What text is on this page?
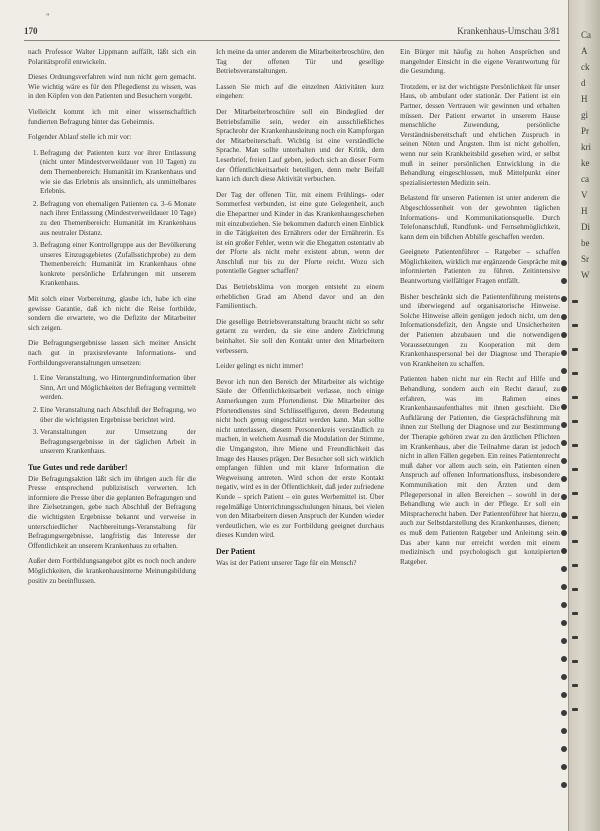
"
170	Krankenhaus-Umschau 3/81

nach Professor Walter Lippmann auffällt, läßt sich ein Polaritätsprofil entwickeln.

Dieses Ordnungsverfahren wird nun nicht gern gemacht. Wie wichtig wäre es für den Pflegedienst zu wissen, was in den Köpfen von den Patienten und Besuchern vorgeht.

Vielleicht kommt ich mit einer wissenschaftlich fundierten Befragung hinter das Geheimnis.

Folgender Ablauf stelle ich mir vor:

1. Befragung der Patienten kurz vor ihrer Entlassung (nicht unter Mindestverweildauer von 10 Tagen) zu dem Themenbereich: Humanität im Krankenhaus und wie sie das Erlebnis als unsinnlich, als unmittelbares Erlebnis.
2. Befragung von ehemaligen Patienten ca. 3–6 Monate nach ihrer Entlassung (Mindestverweildauer 10 Tage) zu den Themenbereich: Humanität im Krankenhaus aus neutraler Distanz.
3. Befragung einer Kontrollgruppe aus der Bevölkerung unseres Einzugsgebietes (Zufallsstichprobe) zu dem Themenbereich: Humanität im Krankenhaus ohne konkrete persönliche Erfahrungen mit unserem Krankenhaus.

Mit solch einer Vorbereitung, glaube ich, habe ich eine gewisse Garantie, daß ich nicht die Reise fortbilde, sondern die erwartete, wo die Defizite der Mitarbeiter sich zeigen.

Die Befragungsergebnisse lassen sich meiner Ansicht nach gut in praxisrelevante Informations- und Fortbildungsveranstaltungen umsetzen:

1. Eine Veranstaltung, wo Hintergrundinformation über Sinn, Art und Möglichkeiten der Befragung vermittelt werden.
2. Eine Veranstaltung nach Abschluß der Befragung, wo über die wichtigsten Ergebnisse berichtet wird.
3. Veranstaltungen zur Umsetzung der Befragungsergebnisse in der täglichen Arbeit in unserem Krankenhaus.
Tue Gutes und rede darüber!

Die Befragungsaktion läßt sich im übrigen auch für die Presse entsprechend publizistisch verwerten. Ich informiere die Presse über die geplanten Befragungen und ihre Zielsetzungen, gebe nach Abschluß der Befragung die wichtigsten Ergebnisse bekannt und verweise in unterschiedlicher Nachbereitungs-Veranstaltung für Befragungsergebnisse, langfristig das Interesse der Öffentlichkeit an unserem Krankenhaus zu erhalten.

Außer dem Fortbildungsangebot gibt es noch noch andere Möglichkeiten, die krankenhausinterne Meinungsbildung positiv zu beeinflussen.

Ich meine da unter anderem die Mitarbeiterbroschüre, den Tag der offenen Tür und gesellige Betriebsveranstaltungen.

Lassen Sie mich auf die einzelnen Aktivitäten kurz eingehen:

Der Mitarbeiterbroschüre soll ein Bindeglied der Betriebsfamilie sein, weder ein ausschließliches Sprachrohr der Krankenhausleitung noch ein Kampforgan der Mitarbeiterschaft. Wichtig ist eine verständliche Sprache. Man sollte unterhalten und der Kritik, dem Leserbrief, freien Lauf geben, jedoch sich an dieser Form der Öffentlichkeitsarbeit beteiligen, denn mehr Beifall kann ich durch diese Aktivität verbuchen.

Der Tag der offenen Tür, mit einem Frühlings- oder Sommerfest verbunden, ist eine gute Gelegenheit, auch die Ehepartner und Kinder in das Krankenhausgeschehen mit einzubeziehen. Sie bekommen dadurch einen Einblick in die Tätigkeiten des Ernährers oder der Ernährerin. Es ist ein großer Fehler, wenn wir die Ehegatten ostentativ ab der Pforte als nicht mehr existent abtun, wenn der Anschluß nur bis zu der Pforte reicht. Wozu sich potentielle Gegner schaffen?

Das Betriebsklima von morgen entsteht zu einem erheblichen Grad am Abend davor und an den Familientisch.

Die gesellige Betriebsveranstaltung braucht nicht so sehr getarnt zu werden, da sie eine andere Zielrichtung beinhaltet. Sie soll den Kontakt unter den Mitarbeitern verbessern.

Leider gelingt es nicht immer!

Bevor ich nun den Bereich der Mitarbeiter als wichtige Säule der Öffentlichkeitsarbeit verlasse, noch einige Anmerkungen zum Pfortendienst. Die Mitarbeiter des Pfortendienstes sind Schlüsselfiguren, deren Bedeutung nicht hoch genug eingeschätzt werden kann. Man sollte nicht unterlassen, diesem Personenkreis verständlich zu machen, in welchem Ausmaß die Modulation der Stimme, die Umgangston, ihre Miene und Freundlichkeit das Image des Hauses prägen. Der Besucher soll sich wirklich empfangen fühlen und mit klarer Information die Wegweisung antreten. Wird schon der erste Kontakt negativ, wird es in der Öffentlichkeit, daß jeder zufriedene Kunde – sprich Patient – ein gutes Werbemittel ist. Über regelmäßige Unterrichtungsschulungen hinaus, bei vielen von den Mitarbeitern diesen Anspruch der Kunden wieder verdeutlichen, wie es zur Fortbildung geeignet durchaus dieses Kunden wird.

Der Patient

Was ist der Patient unserer Tage für ein Mensch?

Ein Bürger mit häufig zu hohen Ansprüchen und mangelnder Einsicht in die eigene Verantwortung für die Gesundung.

Trotzdem, er ist der wichtigste Persönlichkeit für unser Haus, ob ambulant oder stationär. Der Patient ist ein Partner, dessen Vertrauen wir gewinnen und erhalten müssen. Der Patient erwartet in unserem Hause menschliche Zuwendung, persönliche Verständnisbereitschaft und ehrlichen Zuspruch in seinen Nöten und Ängsten. Ihm ist nicht geholfen, wenn nur sein Krankheitsbild gesehen wird, er selbst muß in seiner persönlichen Entwicklung in die Behandlung eingeschlossen, muß Mittelpunkt einer spezialisiertesten Medizin sein.

Belastend für unseren Patienten ist unter anderem die Abgeschlossenheit von der gewohnten täglichen Informations- und Kommunikationsquelle. Durch Telefonanschluß, Rundfunk- und Fernsehmöglichkeit, kann dem ein bißchen Abhilfe geschaffen werden.

Geeignete Patientenführer – Ratgeber – schaffen Möglichkeiten, wirklich nur ergänzende Gespräche mit informierten Patienten zu führen. Zeitintensive Beantwortung vielfältiger Fragen entfällt.

Bisher beschränkt sich die Patientenführung meistens und überwiegend auf organisatorische Hinweise. Solche Hinweise allein genügen jedoch nicht, um den Informationsdefizit, den Ängste und Unsicherheiten der Patienten abzubauen und die notwendigen Voraussetzungen zu Kooperation mit dem Krankenhauspersonal bei der Diagnose und Therapie von Krankheiten zu schaffen.

Patienten haben nicht nur ein Recht auf Hilfe und Behandlung, sondern auch ein Recht darauf, zu erfahren, was im Rahmen eines Krankenhausaufenthaltes mit ihnen geschieht. Die Aufklärung der Patienten, die Gesprächsführung mit ihnen zur Stellung der Diagnose und zur Bestimmung der Therapie gehören zwar zu den ärztlichen Pflichten im Krankenhaus, aber die Teilnahme daran ist jedoch nicht in allen Fällen gegeben. Ein reines Patientenrecht muß daher vor allem auch sein, ein Patienten einen Anspruch auf offenen Informationsfluss, insbesondere Kommunikation mit den Ärzten und dem Pflegepersonal in allen Bereichen – sowohl in der Behandlung wie auch in der Pflege. Er soll ein Mitspracherecht haben. Der Patientenführer hat hierzu, auch zur Selbstdarstellung des Krankenhauses, dienen; es muß dem Patienten Ratgeber und Anleitung sein. Das aber kann nur erreicht werden mit einem medizinisch und psychologisch gut konzipierten Ratgeber.

Ca
A
ck
d
H
gi
Pr
kri
ke
ca
V
H
Di
be
Sr
W
